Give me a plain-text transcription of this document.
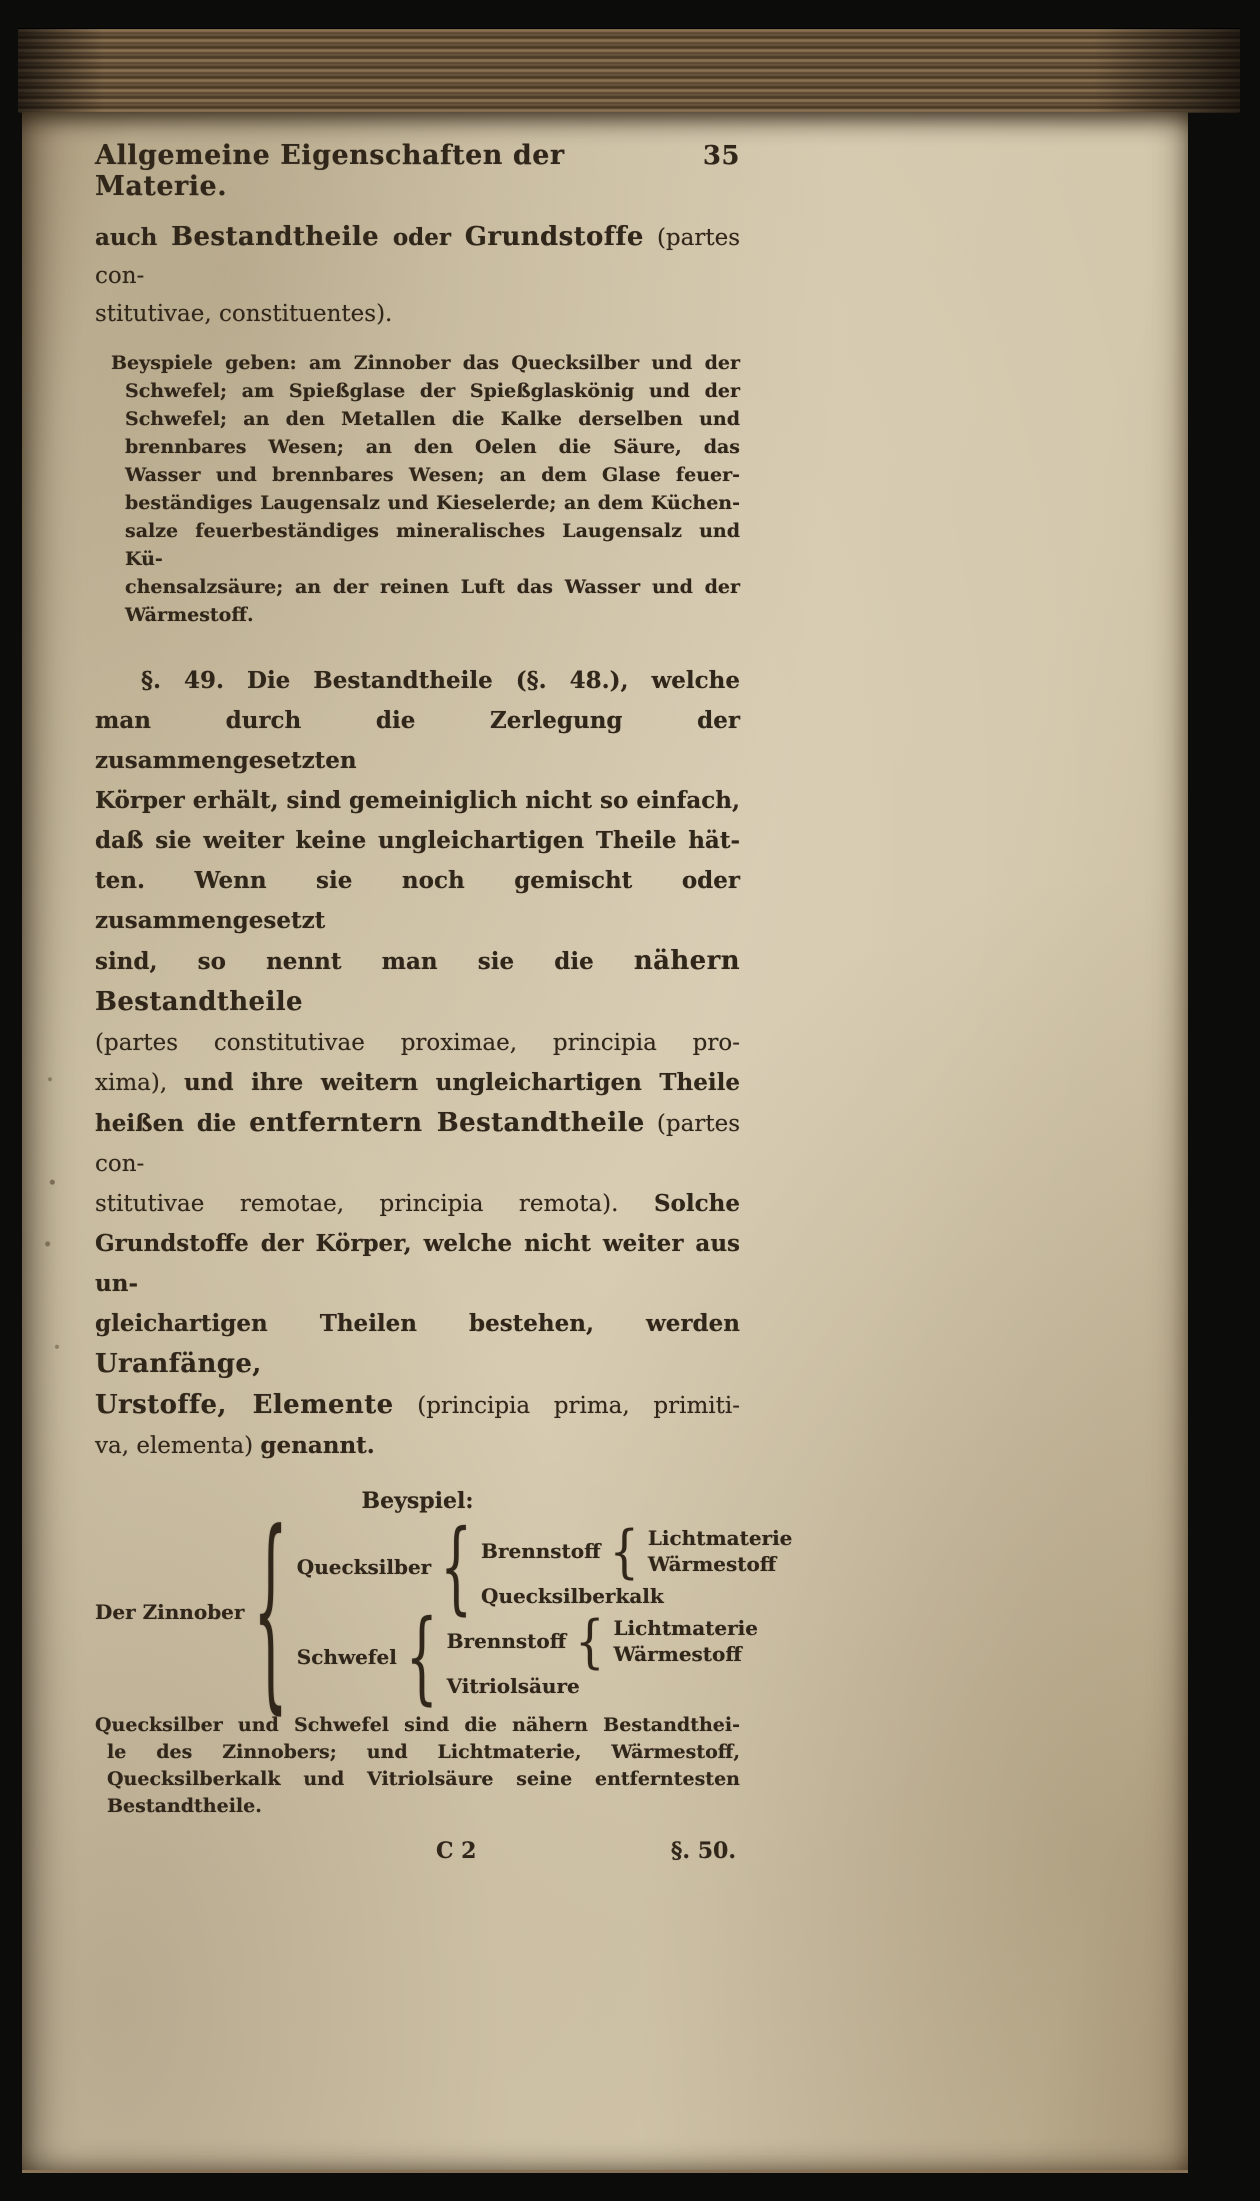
Allgemeine Eigenschaften der Materie.
35
auch Bestandtheile oder Grundstoffe (partes con-
stitutivae, constituentes).
Beyspiele geben: am Zinnober das Quecksilber und der
Schwefel; am Spießglase der Spießglaskönig und der
Schwefel; an den Metallen die Kalke derselben und
brennbares Wesen; an den Oelen die Säure, das
Wasser und brennbares Wesen; an dem Glase feuer-
beständiges Laugensalz und Kieselerde; an dem Küchen-
salze feuerbeständiges mineralisches Laugensalz und Kü-
chensalzsäure; an der reinen Luft das Wasser und der
Wärmestoff.
§. 49. Die Bestandtheile (§. 48.), welche
man durch die Zerlegung der zusammengesetzten
Körper erhält, sind gemeiniglich nicht so einfach,
daß sie weiter keine ungleichartigen Theile hät-
ten. Wenn sie noch gemischt oder zusammengesetzt
sind, so nennt man sie die nähern Bestandtheile
(partes constitutivae proximae, principia pro-
xima), und ihre weitern ungleichartigen Theile
heißen die entferntern Bestandtheile (partes con-
stitutivae remotae, principia remota). Solche
Grundstoffe der Körper, welche nicht weiter aus un-
gleichartigen Theilen bestehen, werden Uranfänge,
Urstoffe, Elemente (principia prima, primiti-
va, elementa) genannt.
Beyspiel:
Der Zinnober { Quecksilber { Brennstoff { Lichtmaterie
Wärmestoff
Quecksilberkalk
Schwefel { Brennstoff { Lichtmaterie
Wärmestoff
Vitriolsäure
Quecksilber und Schwefel sind die nähern Bestandthei-
le des Zinnobers; und Lichtmaterie, Wärmestoff,
Quecksilberkalk und Vitriolsäure seine entferntesten
Bestandtheile.
C 2	§. 50.
